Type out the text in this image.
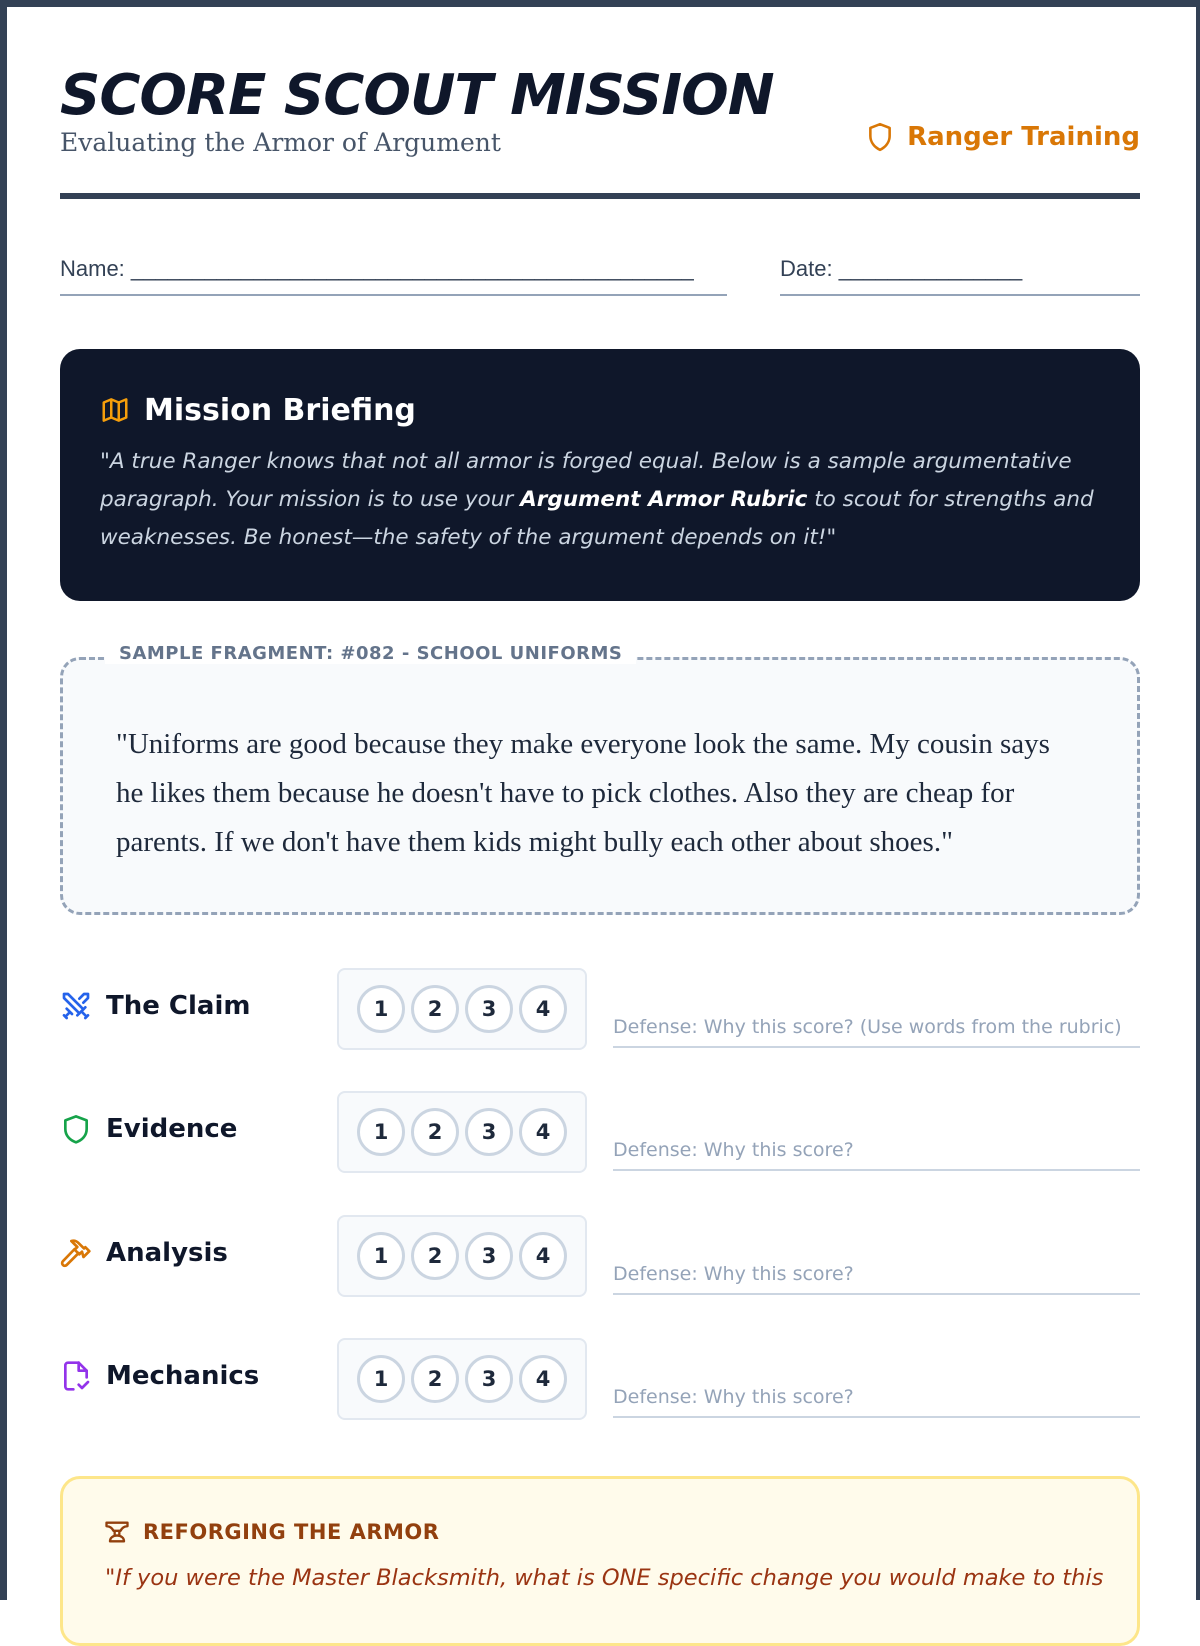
SCORE SCOUT MISSION
Evaluating the Armor of Argument	Ranger Training
Name: ______________________________________________	Date: _______________
Mission Briefing
"A true Ranger knows that not all armor is forged equal. Below is a sample argumentative paragraph. Your mission is to use your Argument Armor Rubric to scout for strengths and weaknesses. Be honest—the safety of the argument depends on it!"
SAMPLE FRAGMENT: #082 - SCHOOL UNIFORMS
"Uniforms are good because they make everyone look the same. My cousin says he likes them because he doesn't have to pick clothes. Also they are cheap for parents. If we don't have them kids might bully each other about shoes."
The Claim	1	2	3	4
Defense: Why this score? (Use words from the rubric)
Evidence	1	2	3	4
Defense: Why this score?
Analysis	1	2	3	4
Defense: Why this score?
Mechanics	1	2	3	4
Defense: Why this score?
REFORGING THE ARMOR
"If you were the Master Blacksmith, what is ONE specific change you would make to this
